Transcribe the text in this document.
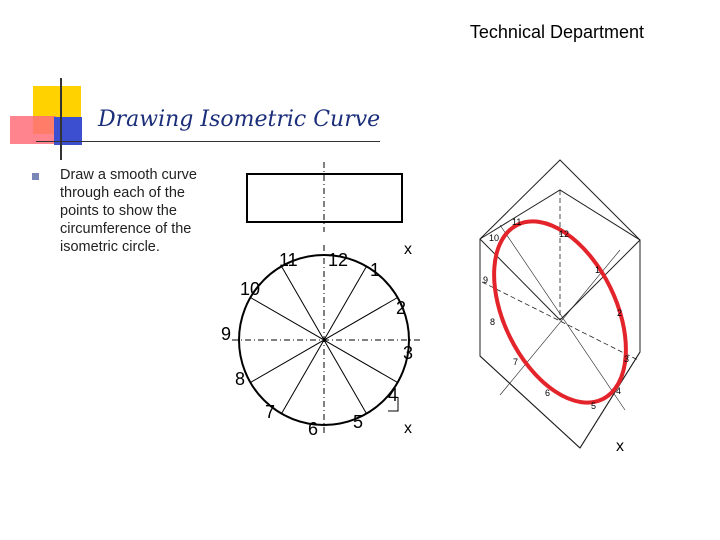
Technical Department
Drawing Isometric Curve
Draw a smooth curve through each of the points to show the circumference of the isometric circle.
1
2
3
4
5
6
7
8
9
10
11 12
x
x
1
2
3
4
5
6
7
8
9
10
11
12
x
